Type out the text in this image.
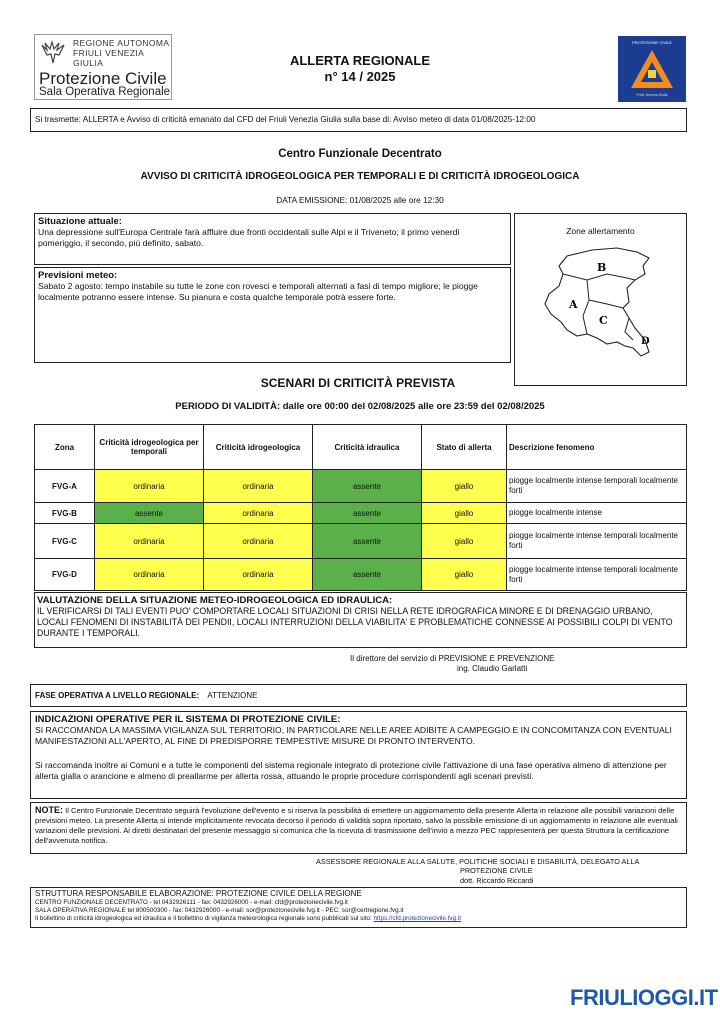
REGIONE AUTONOMA
FRIULI VENEZIA GIULIA
Protezione Civile
Sala Operativa Regionale
ALLERTA REGIONALE
n° 14 / 2025
PROTEZIONE CIVILE
Friuli Venezia Giulia
Si trasmette: ALLERTA e Avviso di criticità emanato dal CFD del Friuli Venezia Giulia sulla base di: Avviso meteo di data 01/08/2025-12:00
Centro Funzionale Decentrato
AVVISO DI CRITICITÀ IDROGEOLOGICA PER TEMPORALI E DI CRITICITÀ IDROGEOLOGICA
DATA EMISSIONE: 01/08/2025 alle ore 12:30
Situazione attuale:
Una depressione sull'Europa Centrale farà affluire due fronti occidentali sulle Alpi e il Triveneto; il primo venerdì pomeriggio, il secondo, più definito, sabato.
Previsioni meteo:
Sabato 2 agosto: tempo instabile su tutte le zone con rovesci e temporali alternati a fasi di tempo migliore; le piogge localmente potranno essere intense. Su pianura e costa qualche temporale potrà essere forte.
Zone allertamento
B
A
C
D
SCENARI DI CRITICITÀ PREVISTA
PERIODO DI VALIDITÀ: dalle ore 00:00 del 02/08/2025 alle ore 23:59 del 02/08/2025
Zona	Criticità idrogeologica per temporali	Criticità idrogeologica	Criticità idraulica	Stato di allerta	Descrizione fenomeno
FVG-A	ordinaria	ordinaria	assente	giallo	piogge localmente intense temporali localmente forti
FVG-B	assente	ordinaria	assente	giallo	piogge localmente intense
FVG-C	ordinaria	ordinaria	assente	giallo	piogge localmente intense temporali localmente forti
FVG-D	ordinaria	ordinaria	assente	giallo	piogge localmente intense temporali localmente forti
VALUTAZIONE DELLA SITUAZIONE METEO-IDROGEOLOGICA ED IDRAULICA:
IL VERIFICARSI DI TALI EVENTI PUO' COMPORTARE LOCALI SITUAZIONI DI CRISI NELLA RETE IDROGRAFICA MINORE E DI DRENAGGIO URBANO, LOCALI FENOMENI DI INSTABILITÀ DEI PENDII, LOCALI INTERRUZIONI DELLA VIABILITA' E PROBLEMATICHE CONNESSE AI POSSIBILI COLPI DI VENTO DURANTE I TEMPORALI.
Il direttore del servizio di PREVISIONE E PREVENZIONE
ing. Claudio Garlatti
FASE OPERATIVA A LIVELLO REGIONALE: ATTENZIONE
INDICAZIONI OPERATIVE PER IL SISTEMA DI PROTEZIONE CIVILE:
SI RACCOMANDA LA MASSIMA VIGILANZA SUL TERRITORIO, IN PARTICOLARE NELLE AREE ADIBITE A CAMPEGGIO E IN CONCOMITANZA CON EVENTUALI MANIFESTAZIONI ALL'APERTO, AL FINE DI PREDISPORRE TEMPESTIVE MISURE DI PRONTO INTERVENTO.
Si raccomanda inoltre ai Comuni e a tutte le componenti del sistema regionale integrato di protezione civile l'attivazione di una fase operativa almeno di attenzione per allerta gialla o arancione e almeno di preallarme per allerta rossa, attuando le proprie procedure corrispondenti agli scenari previsti.
NOTE: Il Centro Funzionale Decentrato seguirà l'evoluzione dell'evento e si riserva la possibilità di emettere un aggiornamento della presente Allerta in relazione alle possibili variazioni delle previsioni meteo. La presente Allerta si intende implicitamente revocata decorso il periodo di validità sopra riportato, salvo la possibile emissione di un aggiornamento in relazione alle eventuali variazioni delle previsioni. Ai diretti destinatari del presente messaggio si comunica che la ricevuta di trasmissione dell'invio a mezzo PEC rappresenterà per questa Struttura la certificazione dell'avvenuta notifica.
ASSESSORE REGIONALE ALLA SALUTE, POLITICHE SOCIALI E DISABILITÀ, DELEGATO ALLA
PROTEZIONE CIVILE
dott. Riccardo Riccardi
STRUTTURA RESPONSABILE ELABORAZIONE: PROTEZIONE CIVILE DELLA REGIONE
CENTRO FUNZIONALE DECENTRATO - tel 0432926111 - fax: 0432926000 - e-mail: cfd@protezionecivile.fvg.it
SALA OPERATIVA REGIONALE tel 800500300 - fax: 0432926000 - e-mail: sor@protezionecivile.fvg.it - PEC: sor@certregione.fvg.it
Il bollettino di criticità idrogeologica ed idraulica e il bollettino di vigilanza meteorologica regionale sono pubblicati sul sito: https://cfd.protezionecivile.fvg.it
FRIULIOGGI.IT
